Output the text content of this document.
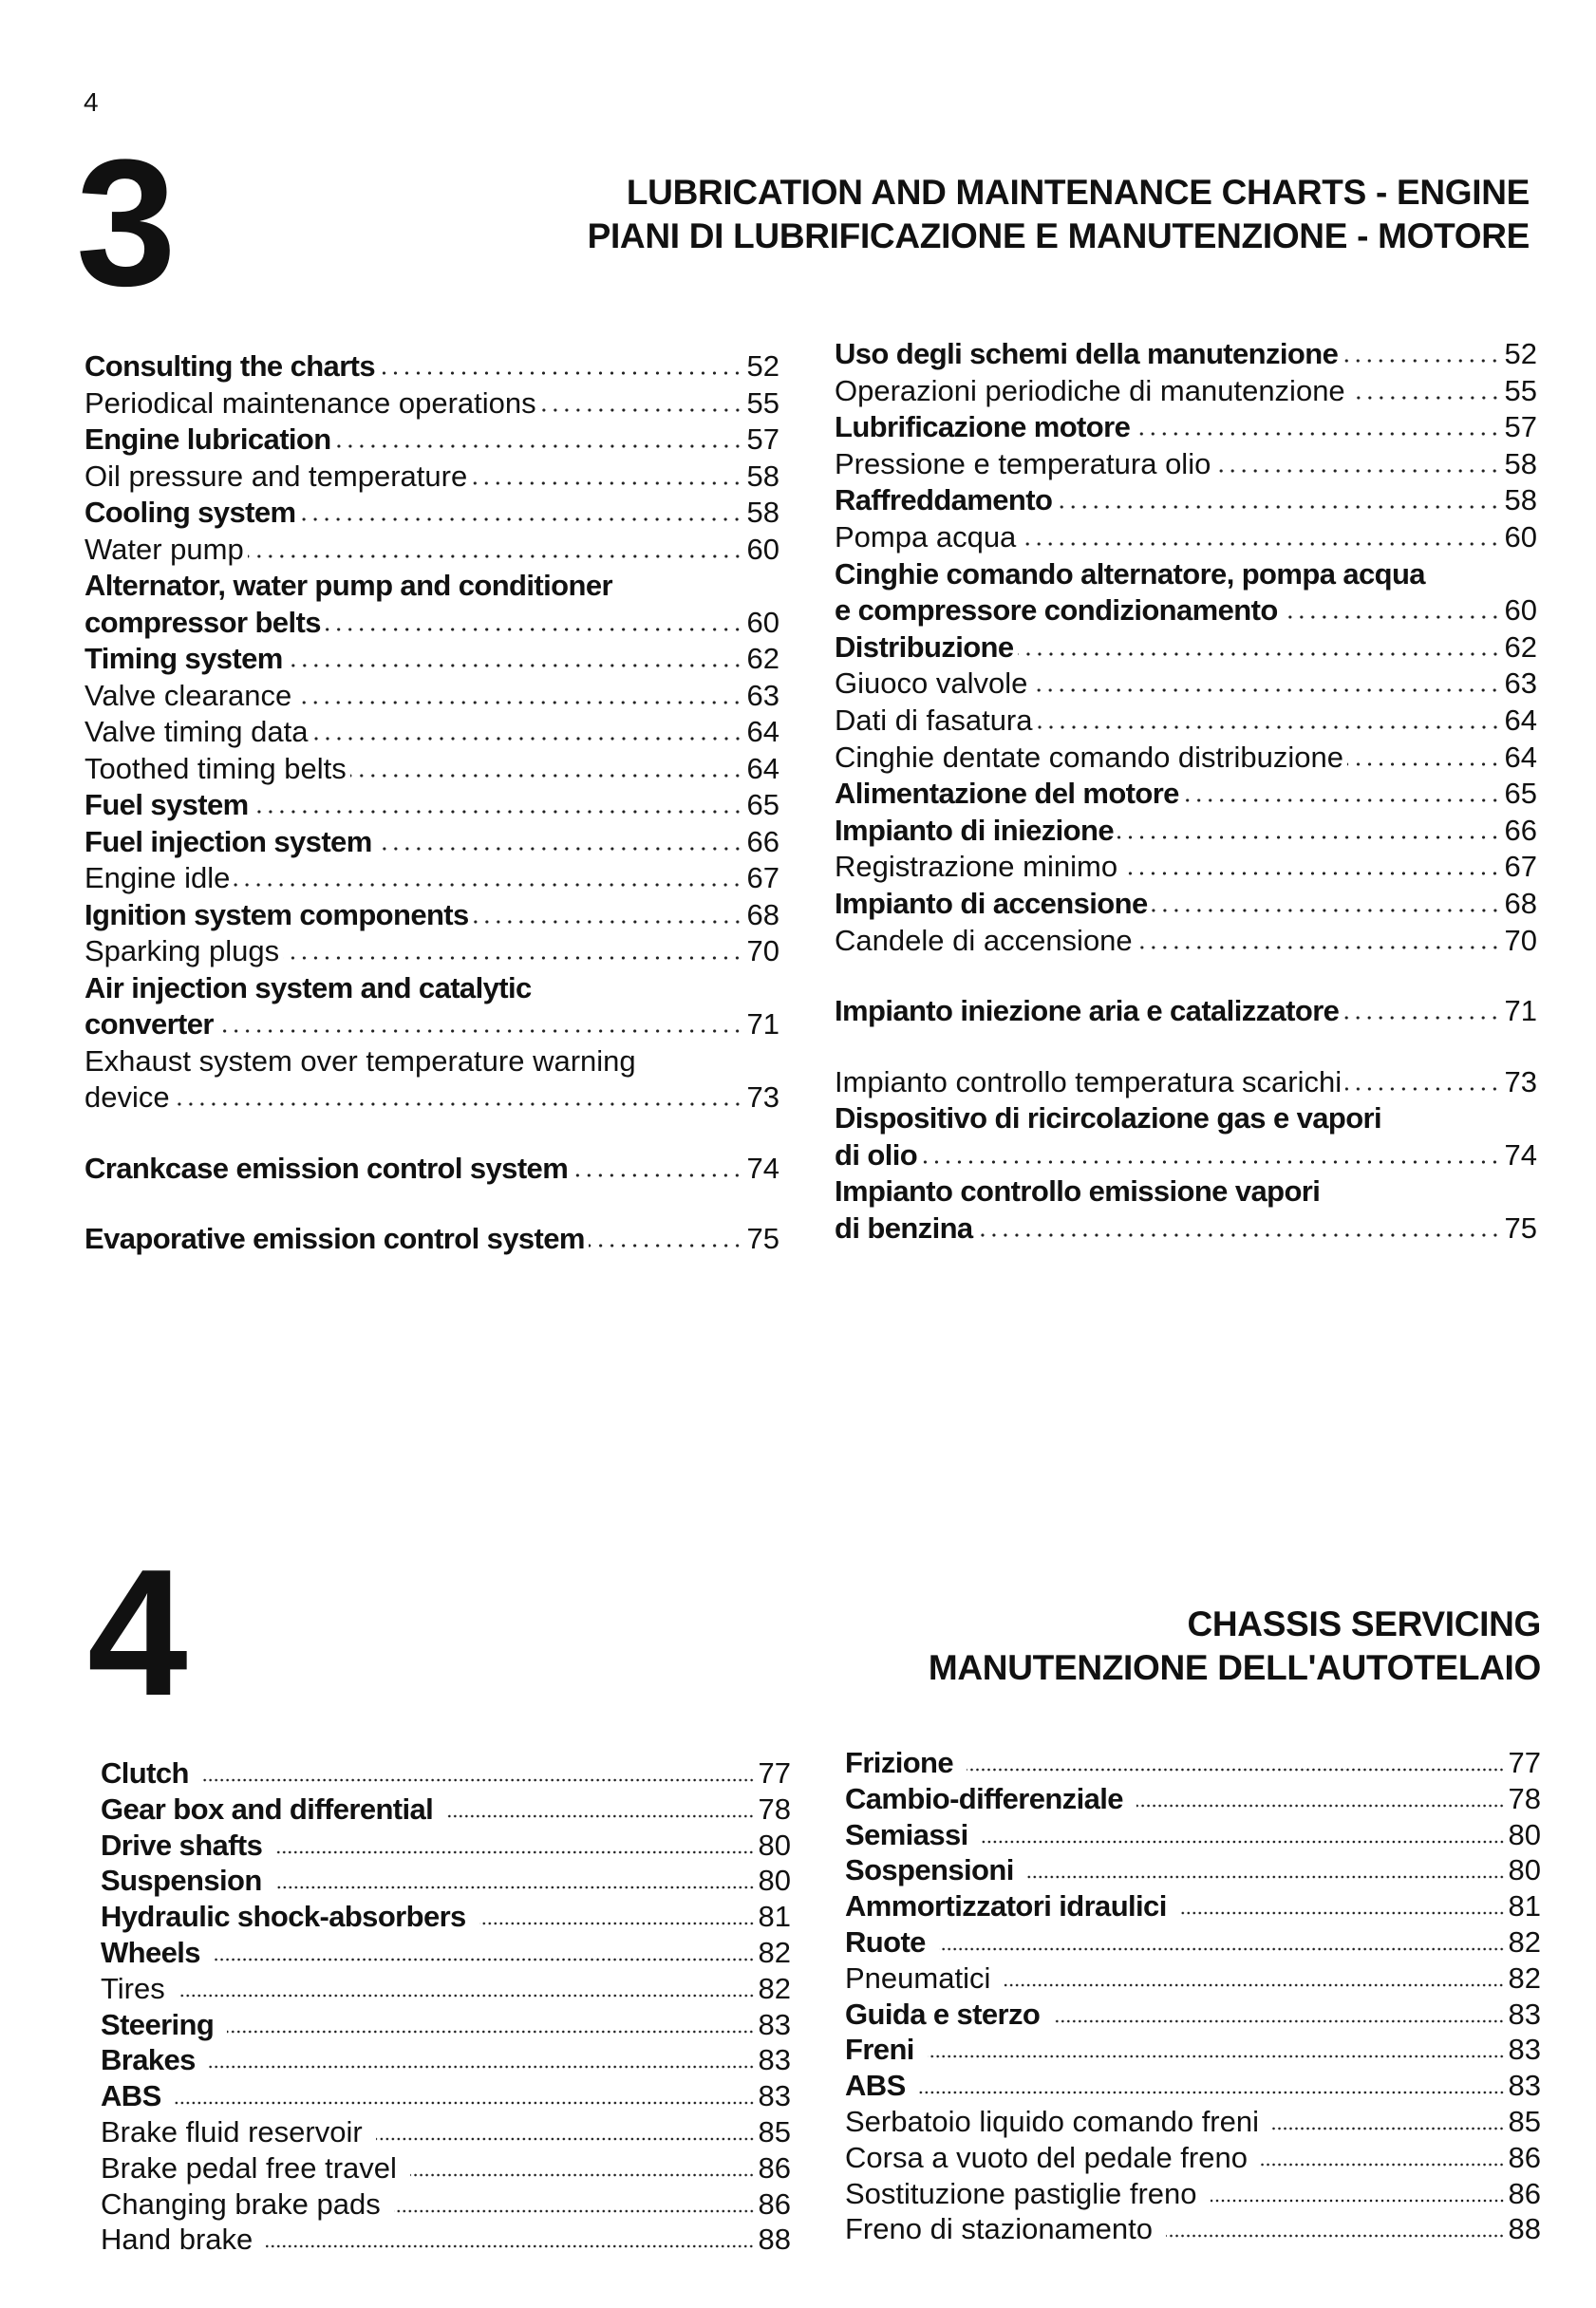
4
3	LUBRICATION AND MAINTENANCE CHARTS - ENGINE
PIANI DI LUBRIFICAZIONE E MANUTENZIONE - MOTORE
Consulting the charts	52
Periodical maintenance operations	55
Engine lubrication	57
Oil pressure and temperature	58
Cooling system	58
Water pump	60
Alternator, water pump and conditioner
compressor belts	60
Timing system	62
Valve clearance	63
Valve timing data	64
Toothed timing belts	64
Fuel system	65
Fuel injection system	66
Engine idle	67
Ignition system components	68
Sparking plugs	70
Air injection system and catalytic
converter	71
Exhaust system over temperature warning
device	73
Crankcase emission control system	74
Evaporative emission control system	75
Uso degli schemi della manutenzione	52
Operazioni periodiche di manutenzione	55
Lubrificazione motore	57
Pressione e temperatura olio	58
Raffreddamento	58
Pompa acqua	60
Cinghie comando alternatore, pompa acqua
e compressore condizionamento	60
Distribuzione	62
Giuoco valvole	63
Dati di fasatura	64
Cinghie dentate comando distribuzione	64
Alimentazione del motore	65
Impianto di iniezione	66
Registrazione minimo	67
Impianto di accensione	68
Candele di accensione	70
Impianto iniezione aria e catalizzatore	71
Impianto controllo temperatura scarichi	73
Dispositivo di ricircolazione gas e vapori
di olio	74
Impianto controllo emissione vapori
di benzina	75
4	CHASSIS SERVICING
MANUTENZIONE DELL'AUTOTELAIO
Clutch	77
Gear box and differential	78
Drive shafts	80
Suspension	80
Hydraulic shock-absorbers	81
Wheels	82
Tires	82
Steering	83
Brakes	83
ABS	83
Brake fluid reservoir	85
Brake pedal free travel	86
Changing brake pads	86
Hand brake	88
Frizione	77
Cambio-differenziale	78
Semiassi	80
Sospensioni	80
Ammortizzatori idraulici	81
Ruote	82
Pneumatici	82
Guida e sterzo	83
Freni	83
ABS	83
Serbatoio liquido comando freni	85
Corsa a vuoto del pedale freno	86
Sostituzione pastiglie freno	86
Freno di stazionamento	88
